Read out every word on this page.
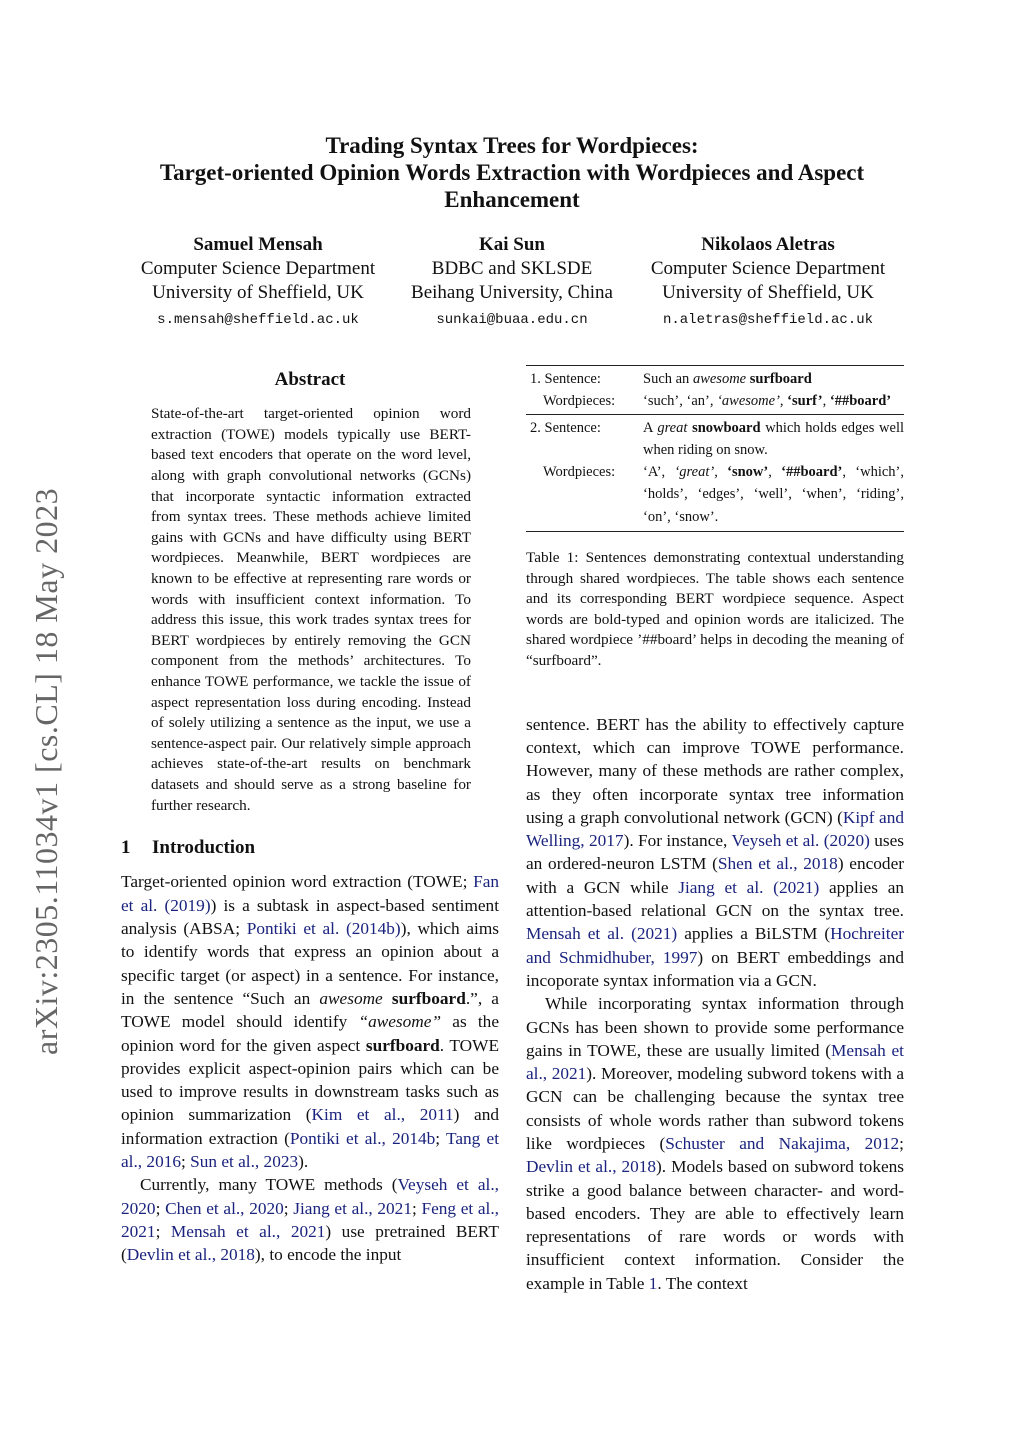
arXiv:2305.11034v1 [cs.CL] 18 May 2023
Trading Syntax Trees for Wordpieces:
Target-oriented Opinion Words Extraction with Wordpieces and Aspect
Enhancement
Samuel Mensah
Computer Science Department
University of Sheffield, UK
s.mensah@sheffield.ac.uk
Kai Sun
BDBC and SKLSDE
Beihang University, China
sunkai@buaa.edu.cn
Nikolaos Aletras
Computer Science Department
University of Sheffield, UK
n.aletras@sheffield.ac.uk
Abstract
State-of-the-art target-oriented opinion word extraction (TOWE) models typically use BERT-based text encoders that operate on the word level, along with graph convolutional networks (GCNs) that incorporate syntactic information extracted from syntax trees. These methods achieve limited gains with GCNs and have difficulty using BERT wordpieces. Meanwhile, BERT wordpieces are known to be effective at representing rare words or words with insufficient context information. To address this issue, this work trades syntax trees for BERT wordpieces by entirely removing the GCN component from the methods’ architectures. To enhance TOWE performance, we tackle the issue of aspect representation loss during encoding. Instead of solely utilizing a sentence as the input, we use a sentence-aspect pair. Our relatively simple approach achieves state-of-the-art results on benchmark datasets and should serve as a strong baseline for further research.
1 Introduction

Target-oriented opinion word extraction (TOWE; Fan et al. (2019)) is a subtask in aspect-based sentiment analysis (ABSA; Pontiki et al. (2014b)), which aims to identify words that express an opinion about a specific target (or aspect) in a sentence. For instance, in the sentence “Such an awesome surfboard.”, a TOWE model should identify “awesome” as the opinion word for the given aspect surfboard. TOWE provides explicit aspect-opinion pairs which can be used to improve results in downstream tasks such as opinion summarization (Kim et al., 2011) and information extraction (Pontiki et al., 2014b; Tang et al., 2016; Sun et al., 2023).

Currently, many TOWE methods (Veyseh et al., 2020; Chen et al., 2020; Jiang et al., 2021; Feng et al., 2021; Mensah et al., 2021) use pretrained BERT (Devlin et al., 2018), to encode the input

1. Sentence:	Such an awesome surfboard
Wordpieces:	‘such’, ‘an’, ‘awesome’, ‘surf’, ‘##board’
2. Sentence:	A great snowboard which holds edges well when riding on snow.
Wordpieces:	‘A’, ‘great’, ‘snow’, ‘##board’, ‘which’, ‘holds’, ‘edges’, ‘well’, ‘when’, ‘riding’, ‘on’, ‘snow’.
Table 1: Sentences demonstrating contextual understanding through shared wordpieces. The table shows each sentence and its corresponding BERT wordpiece sequence. Aspect words are bold-typed and opinion words are italicized. The shared wordpiece ’##board’ helps in decoding the meaning of “surfboard”.

sentence. BERT has the ability to effectively capture context, which can improve TOWE performance. However, many of these methods are rather complex, as they often incorporate syntax tree information using a graph convolutional network (GCN) (Kipf and Welling, 2017). For instance, Veyseh et al. (2020) uses an ordered-neuron LSTM (Shen et al., 2018) encoder with a GCN while Jiang et al. (2021) applies an attention-based relational GCN on the syntax tree. Mensah et al. (2021) applies a BiLSTM (Hochreiter and Schmidhuber, 1997) on BERT embeddings and incoporate syntax information via a GCN.

While incorporating syntax information through GCNs has been shown to provide some performance gains in TOWE, these are usually limited (Mensah et al., 2021). Moreover, modeling subword tokens with a GCN can be challenging because the syntax tree consists of whole words rather than subword tokens like wordpieces (Schuster and Nakajima, 2012; Devlin et al., 2018). Models based on subword tokens strike a good balance between character- and word-based encoders. They are able to effectively learn representations of rare words or words with insufficient context information. Consider the example in Table 1. The context
